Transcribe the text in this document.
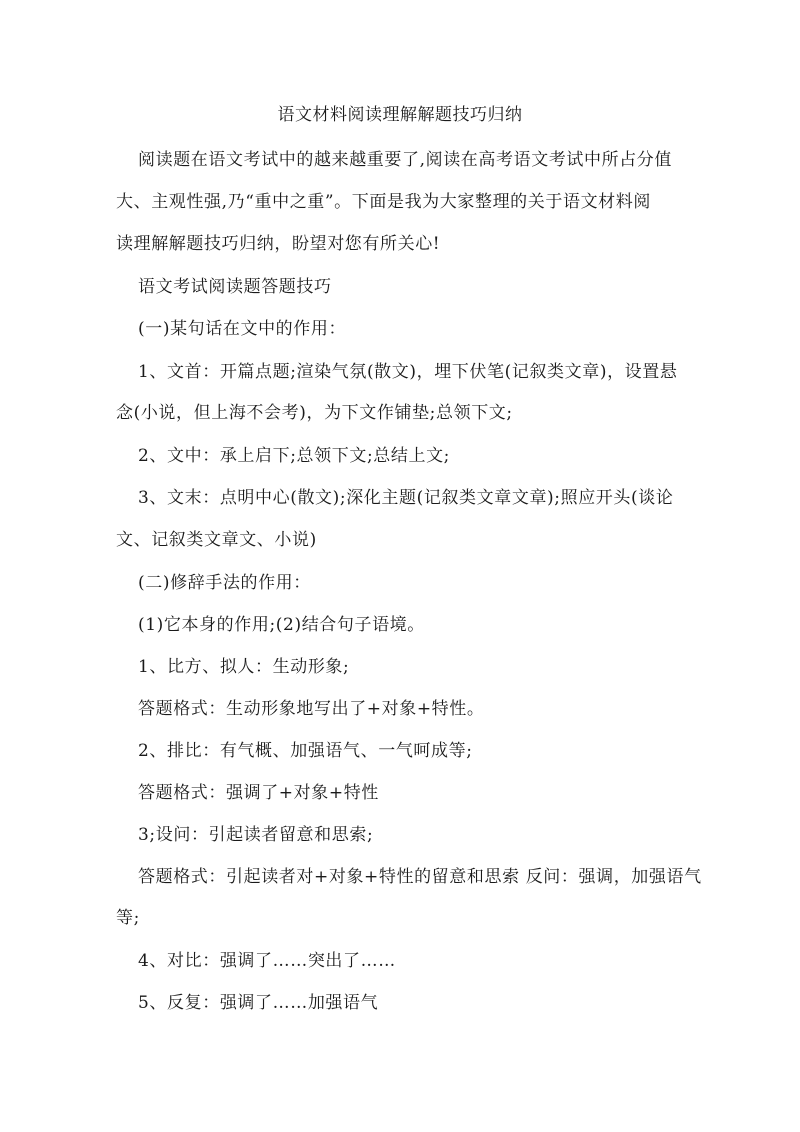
语文材料阅读理解解题技巧归纳
阅读题在语文考试中的越来越重要了,阅读在高考语文考试中所占分值
大、主观性强,乃“重中之重”。下面是我为大家整理的关于语文材料阅
读理解解题技巧归纳，盼望对您有所关心!
语文考试阅读题答题技巧
(一)某句话在文中的作用：
1、文首：开篇点题;渲染气氛(散文)，埋下伏笔(记叙类文章)，设置悬
念(小说，但上海不会考)，为下文作铺垫;总领下文;
2、文中：承上启下;总领下文;总结上文;
3、文末：点明中心(散文);深化主题(记叙类文章文章);照应开头(谈论
文、记叙类文章文、小说)
(二)修辞手法的作用：
(1)它本身的作用;(2)结合句子语境。
1、比方、拟人：生动形象;
答题格式：生动形象地写出了+对象+特性。
2、排比：有气概、加强语气、一气呵成等;
答题格式：强调了+对象+特性
3;设问：引起读者留意和思索;
答题格式：引起读者对+对象+特性的留意和思索 反问：强调，加强语气
等;
4、对比：强调了……突出了……
5、反复：强调了……加强语气
